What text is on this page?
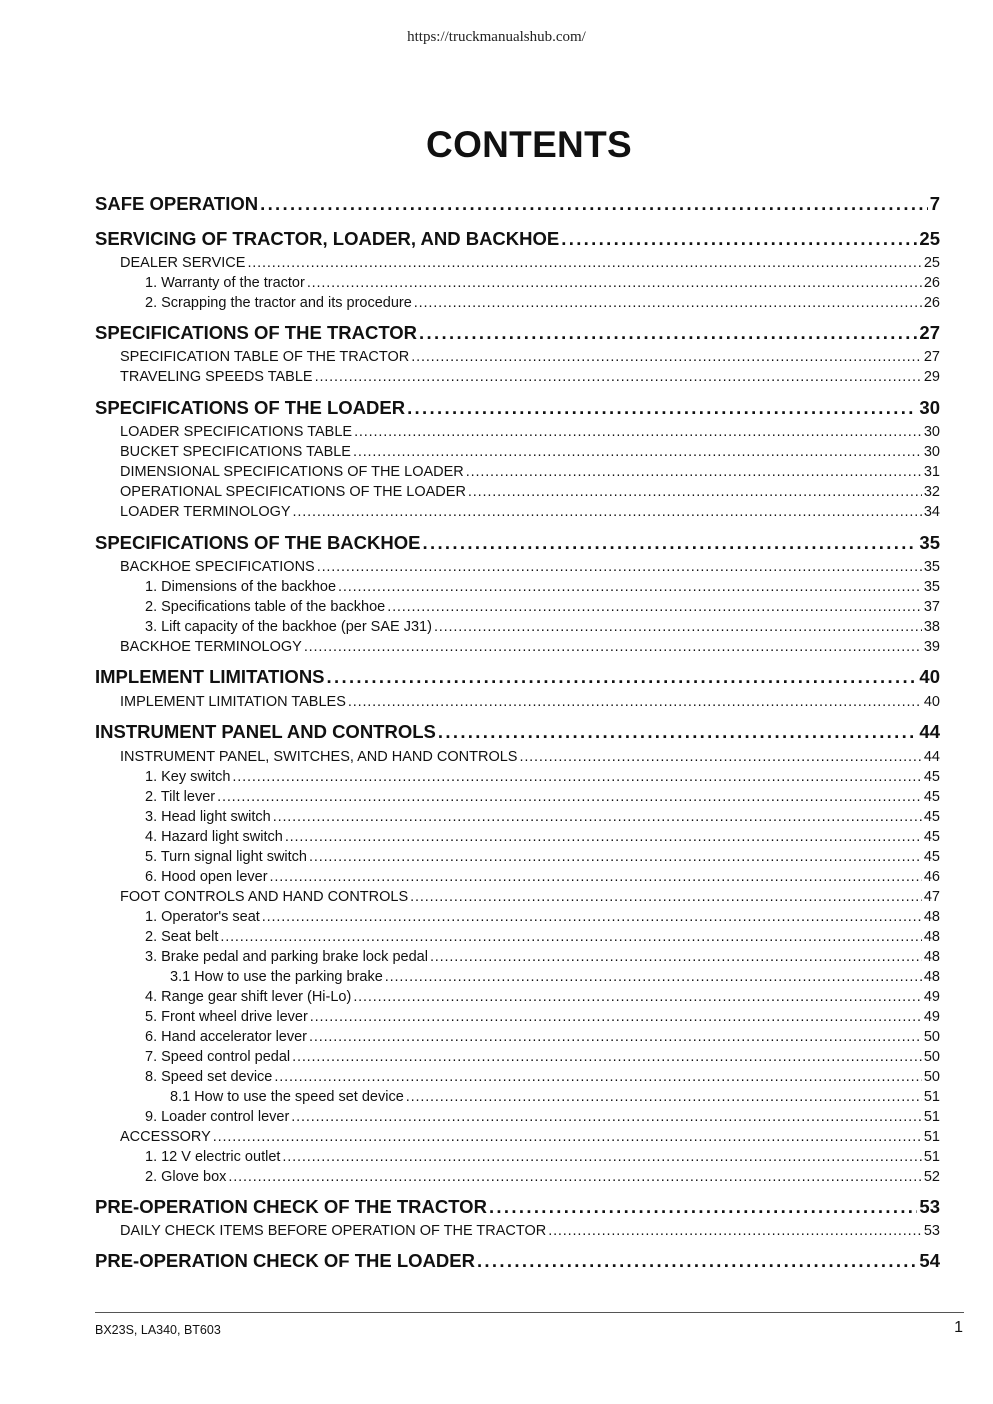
https://truckmanualshub.com/
CONTENTS
SAFE OPERATION . . .	7
SERVICING OF TRACTOR, LOADER, AND BACKHOE . . .	25
DEALER SERVICE . . .	25
1. Warranty of the tractor . . .	26
2. Scrapping the tractor and its procedure . . .	26
SPECIFICATIONS OF THE TRACTOR . . .	27
SPECIFICATION TABLE OF THE TRACTOR . . .	27
TRAVELING SPEEDS TABLE . . .	29
SPECIFICATIONS OF THE LOADER . . .	30
LOADER SPECIFICATIONS TABLE . . .	30
BUCKET SPECIFICATIONS TABLE . . .	30
DIMENSIONAL SPECIFICATIONS OF THE LOADER . . .	31
OPERATIONAL SPECIFICATIONS OF THE LOADER . . .	32
LOADER TERMINOLOGY . . .	34
SPECIFICATIONS OF THE BACKHOE . . .	35
BACKHOE SPECIFICATIONS . . .	35
1. Dimensions of the backhoe . . .	35
2. Specifications table of the backhoe . . .	37
3. Lift capacity of the backhoe (per SAE J31) . . .	38
BACKHOE TERMINOLOGY . . .	39
IMPLEMENT LIMITATIONS . . .	40
IMPLEMENT LIMITATION TABLES . . .	40
INSTRUMENT PANEL AND CONTROLS . . .	44
INSTRUMENT PANEL, SWITCHES, AND HAND CONTROLS . . .	44
1. Key switch . . .	45
2. Tilt lever . . .	45
3. Head light switch . . .	45
4. Hazard light switch . . .	45
5. Turn signal light switch . . .	45
6. Hood open lever . . .	46
FOOT CONTROLS AND HAND CONTROLS . . .	47
1. Operator's seat . . .	48
2. Seat belt . . .	48
3. Brake pedal and parking brake lock pedal . . .	48
3.1 How to use the parking brake . . .	48
4. Range gear shift lever (Hi-Lo) . . .	49
5. Front wheel drive lever . . .	49
6. Hand accelerator lever . . .	50
7. Speed control pedal . . .	50
8. Speed set device . . .	50
8.1 How to use the speed set device . . .	51
9. Loader control lever . . .	51
ACCESSORY . . .	51
1. 12 V electric outlet . . .	51
2. Glove box . . .	52
PRE-OPERATION CHECK OF THE TRACTOR . . .	53
DAILY CHECK ITEMS BEFORE OPERATION OF THE TRACTOR . . .	53
PRE-OPERATION CHECK OF THE LOADER . . .	54
BX23S, LA340, BT603	1
